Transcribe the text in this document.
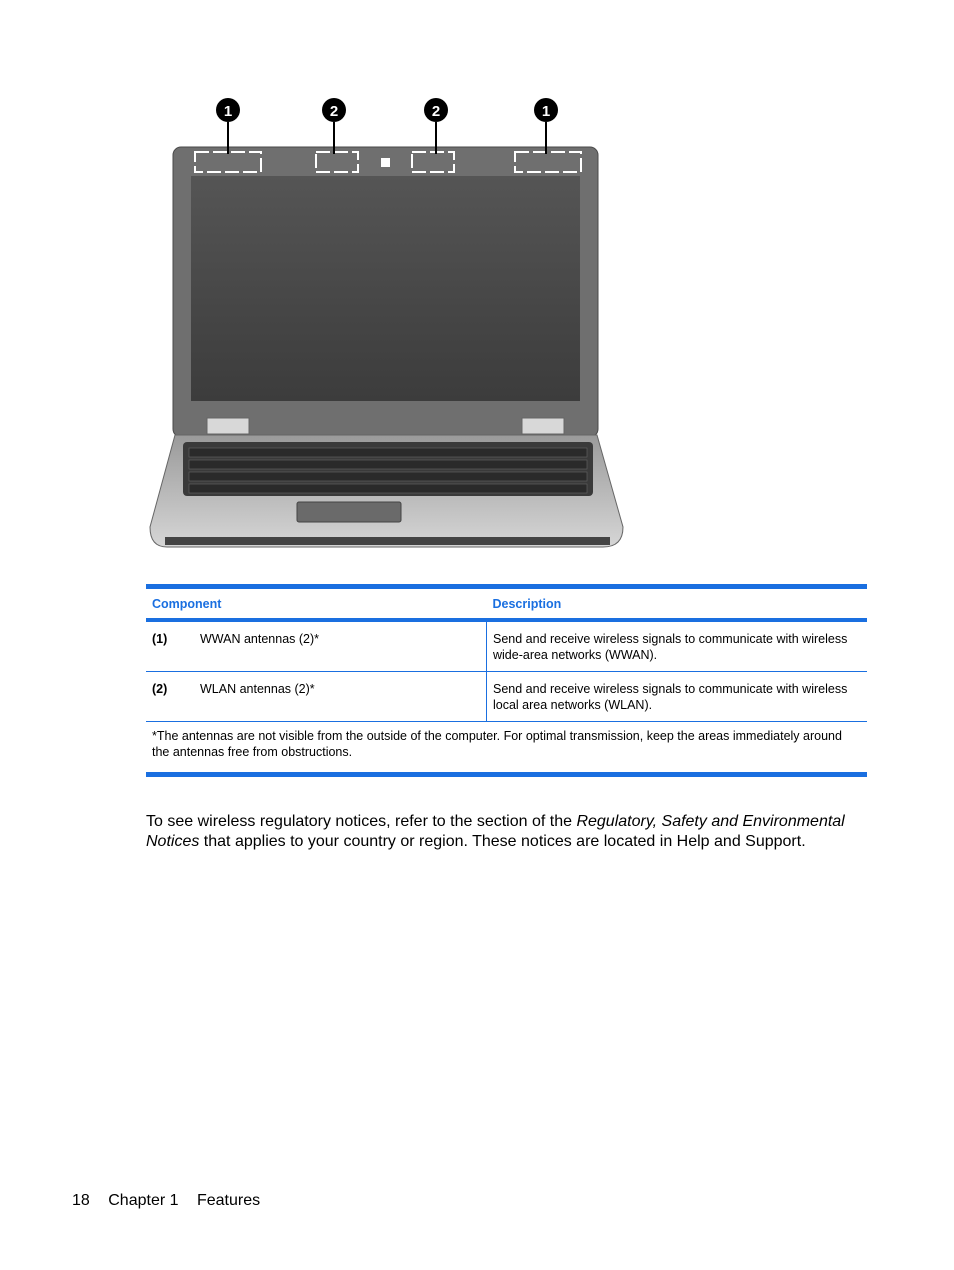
1	2	2	1
Component		Description
(1)	WWAN antennas (2)*	Send and receive wireless signals to communicate with wireless wide-area networks (WWAN).
(2)	WLAN antennas (2)*	Send and receive wireless signals to communicate with wireless local area networks (WLAN).
*The antennas are not visible from the outside of the computer. For optimal transmission, keep the areas immediately around the antennas free from obstructions.		

To see wireless regulatory notices, refer to the section of the Regulatory, Safety and Environmental Notices that applies to your country or region. These notices are located in Help and Support.

18 Chapter 1 Features
